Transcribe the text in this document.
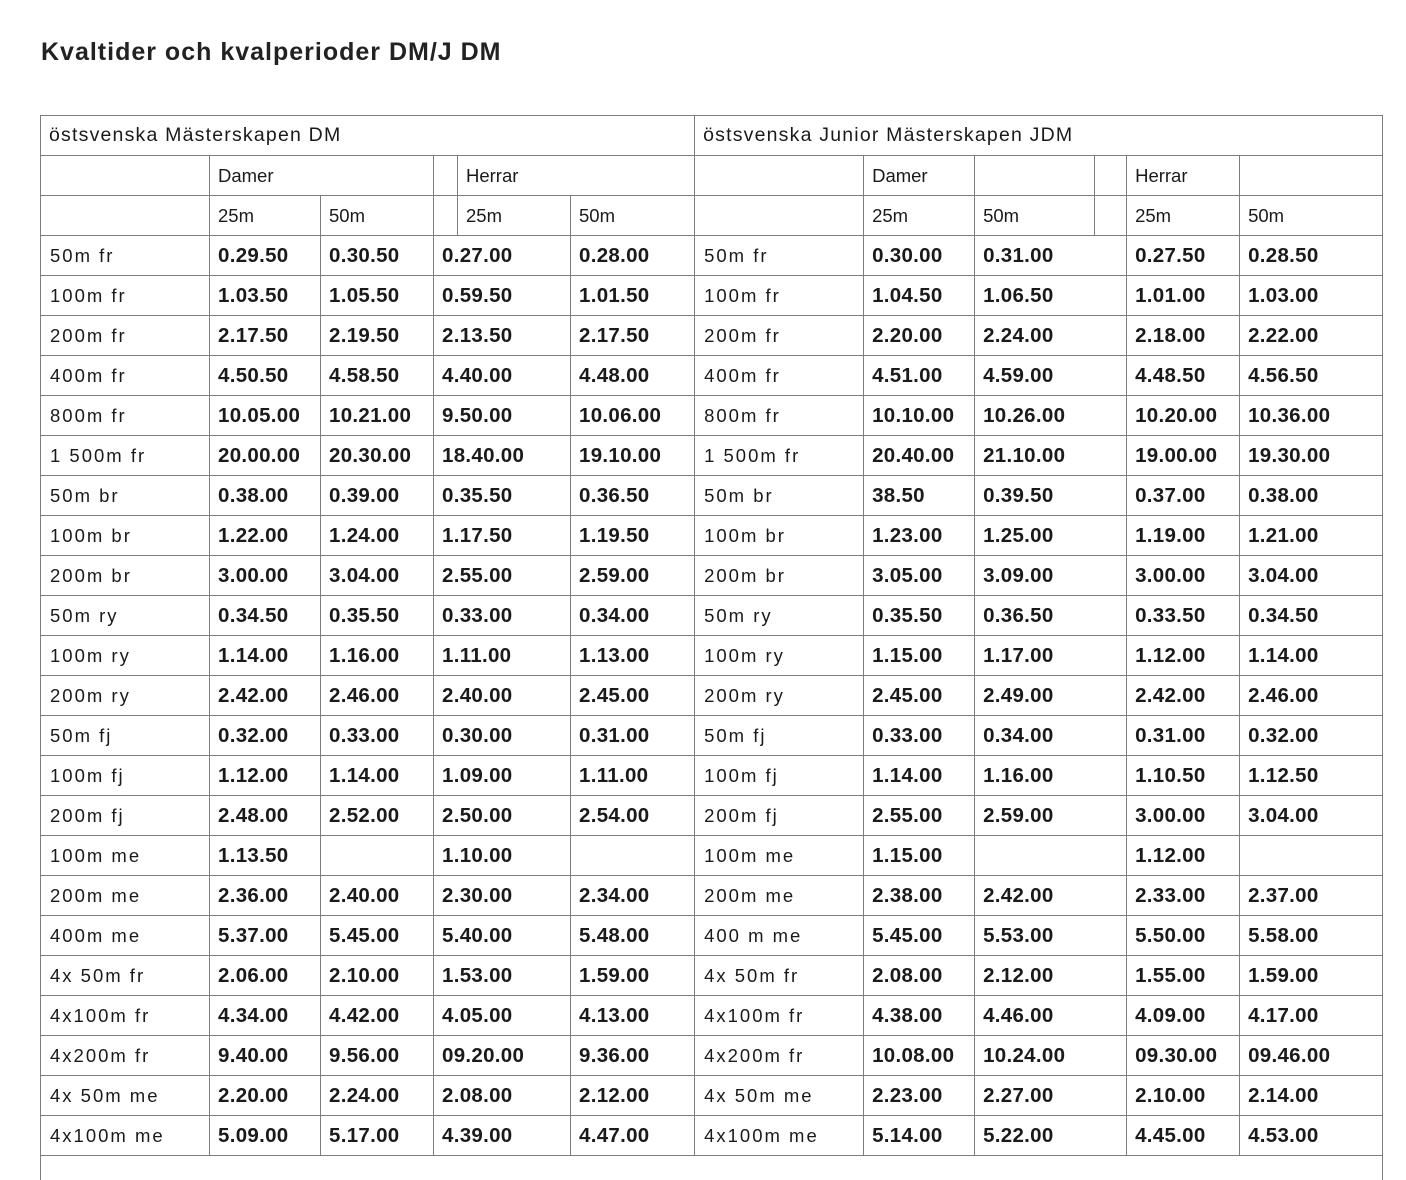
Kvaltider och kvalperioder DM/J DM
östsvenska Mästerskapen DM						östsvenska Junior Mästerskapen JDM					
	Damer			Herrar			Damer			Herrar	
	25m	50m		25m	50m		25m	50m		25m	50m
50m fr	0.29.50	0.30.50	0.27.00		0.28.00	50m fr	0.30.00	0.31.00		0.27.50	0.28.50
100m fr	1.03.50	1.05.50	0.59.50		1.01.50	100m fr	1.04.50	1.06.50		1.01.00	1.03.00
200m fr	2.17.50	2.19.50	2.13.50		2.17.50	200m fr	2.20.00	2.24.00		2.18.00	2.22.00
400m fr	4.50.50	4.58.50	4.40.00		4.48.00	400m fr	4.51.00	4.59.00		4.48.50	4.56.50
800m fr	10.05.00	10.21.00	9.50.00		10.06.00	800m fr	10.10.00	10.26.00		10.20.00	10.36.00
1 500m fr	20.00.00	20.30.00	18.40.00		19.10.00	1 500m fr	20.40.00	21.10.00		19.00.00	19.30.00
50m br	0.38.00	0.39.00	0.35.50		0.36.50	50m br	38.50	0.39.50		0.37.00	0.38.00
100m br	1.22.00	1.24.00	1.17.50		1.19.50	100m br	1.23.00	1.25.00		1.19.00	1.21.00
200m br	3.00.00	3.04.00	2.55.00		2.59.00	200m br	3.05.00	3.09.00		3.00.00	3.04.00
50m ry	0.34.50	0.35.50	0.33.00		0.34.00	50m ry	0.35.50	0.36.50		0.33.50	0.34.50
100m ry	1.14.00	1.16.00	1.11.00		1.13.00	100m ry	1.15.00	1.17.00		1.12.00	1.14.00
200m ry	2.42.00	2.46.00	2.40.00		2.45.00	200m ry	2.45.00	2.49.00		2.42.00	2.46.00
50m fj	0.32.00	0.33.00	0.30.00		0.31.00	50m fj	0.33.00	0.34.00		0.31.00	0.32.00
100m fj	1.12.00	1.14.00	1.09.00		1.11.00	100m fj	1.14.00	1.16.00		1.10.50	1.12.50
200m fj	2.48.00	2.52.00	2.50.00		2.54.00	200m fj	2.55.00	2.59.00		3.00.00	3.04.00
100m me	1.13.50		1.10.00			100m me	1.15.00			1.12.00	
200m me	2.36.00	2.40.00	2.30.00		2.34.00	200m me	2.38.00	2.42.00		2.33.00	2.37.00
400m me	5.37.00	5.45.00	5.40.00		5.48.00	400 m me	5.45.00	5.53.00		5.50.00	5.58.00
4x 50m fr	2.06.00	2.10.00	1.53.00		1.59.00	4x 50m fr	2.08.00	2.12.00		1.55.00	1.59.00
4x100m fr	4.34.00	4.42.00	4.05.00		4.13.00	4x100m fr	4.38.00	4.46.00		4.09.00	4.17.00
4x200m fr	9.40.00	9.56.00	09.20.00		9.36.00	4x200m fr	10.08.00	10.24.00		09.30.00	09.46.00
4x 50m me	2.20.00	2.24.00	2.08.00		2.12.00	4x 50m me	2.23.00	2.27.00		2.10.00	2.14.00
4x100m me	5.09.00	5.17.00	4.39.00		4.47.00	4x100m me	5.14.00	5.22.00		4.45.00	4.53.00
